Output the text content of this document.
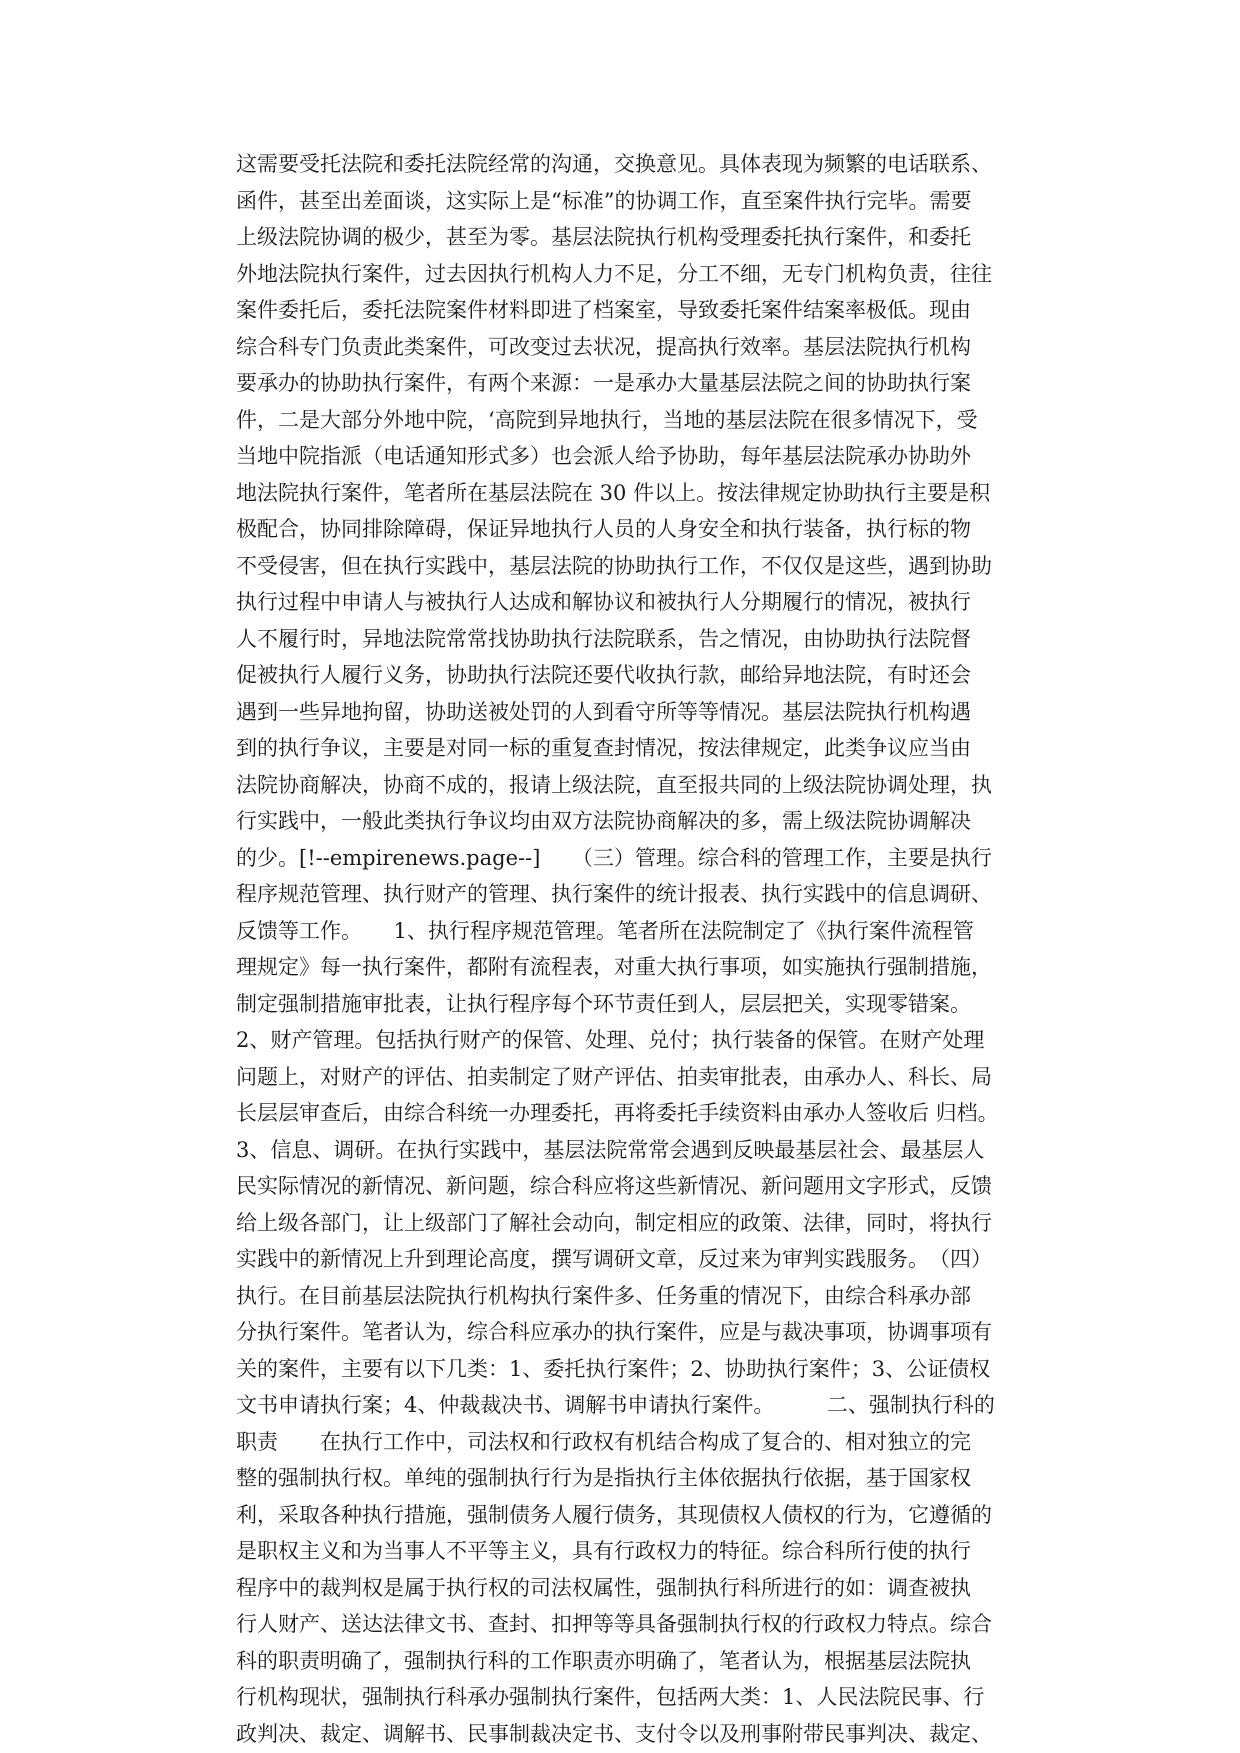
这需要受托法院和委托法院经常的沟通，交换意见。具体表现为频繁的电话联系、
函件，甚至出差面谈，这实际上是“标准”的协调工作，直至案件执行完毕。需要
上级法院协调的极少，甚至为零。基层法院执行机构受理委托执行案件，和委托
外地法院执行案件，过去因执行机构人力不足，分工不细，无专门机构负责，往往
案件委托后，委托法院案件材料即进了档案室，导致委托案件结案率极低。现由
综合科专门负责此类案件，可改变过去状况，提高执行效率。基层法院执行机构
要承办的协助执行案件，有两个来源：一是承办大量基层法院之间的协助执行案
件，二是大部分外地中院，‘高院到异地执行，当地的基层法院在很多情况下，受
当地中院指派（电话通知形式多）也会派人给予协助，每年基层法院承办协助外
地法院执行案件，笔者所在基层法院在 30 件以上。按法律规定协助执行主要是积
极配合，协同排除障碍，保证异地执行人员的人身安全和执行装备，执行标的物
不受侵害，但在执行实践中，基层法院的协助执行工作，不仅仅是这些，遇到协助
执行过程中申请人与被执行人达成和解协议和被执行人分期履行的情况，被执行
人不履行时，异地法院常常找协助执行法院联系，告之情况，由协助执行法院督
促被执行人履行义务，协助执行法院还要代收执行款，邮给异地法院，有时还会
遇到一些异地拘留，协助送被处罚的人到看守所等等情况。基层法院执行机构遇
到的执行争议，主要是对同一标的重复查封情况，按法律规定，此类争议应当由
法院协商解决，协商不成的，报请上级法院，直至报共同的上级法院协调处理，执
行实践中，一般此类执行争议均由双方法院协商解决的多，需上级法院协调解决
的少。[!--empirenews.page--]　　（三）管理。综合科的管理工作，主要是执行
程序规范管理、执行财产的管理、执行案件的统计报表、执行实践中的信息调研、
反馈等工作。　　1、执行程序规范管理。笔者所在法院制定了《执行案件流程管
理规定》每一执行案件，都附有流程表，对重大执行事项，如实施执行强制措施，
制定强制措施审批表，让执行程序每个环节责任到人，层层把关，实现零错案。
2、财产管理。包括执行财产的保管、处理、兑付；执行装备的保管。在财产处理
问题上，对财产的评估、拍卖制定了财产评估、拍卖审批表，由承办人、科长、局
长层层审查后，由综合科统一办理委托，再将委托手续资料由承办人签收后 归档。
3、信息、调研。在执行实践中，基层法院常常会遇到反映最基层社会、最基层人
民实际情况的新情况、新问题，综合科应将这些新情况、新问题用文字形式，反馈
给上级各部门，让上级部门了解社会动向，制定相应的政策、法律，同时，将执行
实践中的新情况上升到理论高度，撰写调研文章，反过来为审判实践服务。　（四）
执行。在目前基层法院执行机构执行案件多、任务重的情况下，由综合科承办部
分执行案件。笔者认为，综合科应承办的执行案件，应是与裁决事项，协调事项有
关的案件，主要有以下几类：1、委托执行案件；2、协助执行案件；3、公证债权
文书申请执行案；4、仲裁裁决书、调解书申请执行案件。　　　二、强制执行科的
职责　　在执行工作中，司法权和行政权有机结合构成了复合的、相对独立的完
整的强制执行权。单纯的强制执行行为是指执行主体依据执行依据，基于国家权
利，采取各种执行措施，强制债务人履行债务，其现债权人债权的行为，它遵循的
是职权主义和为当事人不平等主义，具有行政权力的特征。综合科所行使的执行
程序中的裁判权是属于执行权的司法权属性，强制执行科所进行的如：调查被执
行人财产、送达法律文书、查封、扣押等等具备强制执行权的行政权力特点。综合
科的职责明确了，强制执行科的工作职责亦明确了，笔者认为，根据基层法院执
行机构现状，强制执行科承办强制执行案件，包括两大类：1、人民法院民事、行
政判决、裁定、调解书、民事制裁决定书、支付令以及刑事附带民事判决、裁定、
